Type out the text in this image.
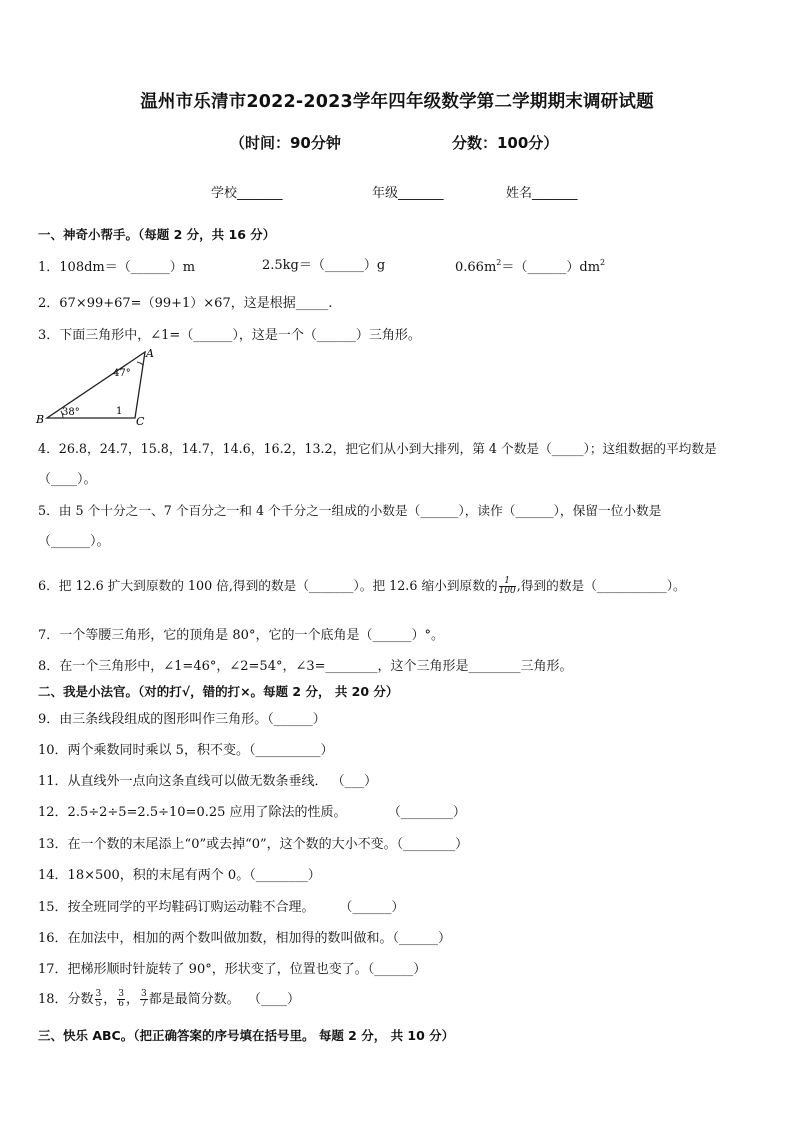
温州市乐清市2022-2023学年四年级数学第二学期期末调研试题
（时间：90分钟	分数：100分）
学校_______	年级_______	姓名_______
一、神奇小帮手。（每题 2 分，共 16 分）
1．108dm＝（______）m	2.5kg＝（______）g	$0.66m^2=(\_\_\_\_\_\_)dm^2$
2．67×99+67=（99+1）×67，这是根据_____.
3．下面三角形中，∠1=（______），这是一个（______）三角形。
A
B	C
47°
38°	1
4．26.8，24.7，15.8，14.7，14.6，16.2，13.2，把它们从小到大排列，第 4 个数是（_____）；这组数据的平均数是
（____）。
5．由 5 个十分之一、7 个百分之一和 4 个千分之一组成的小数是（______），读作（______），保留一位小数是
（______）。
6．把 12.6 扩大到原数的 100 倍,得到的数是（_______）。把 12.6 缩小到原数的 $\frac{1}{100}$ ,得到的数是（___________）。
7．一个等腰三角形，它的顶角是 80°，它的一个底角是（______）°。
8．在一个三角形中，∠1=46°，∠2=54°，∠3=________，这个三角形是________三角形。
二、我是小法官。（对的打√，错的打×。每题 2 分， 共 20 分）
9．由三条线段组成的图形叫作三角形。（______）
10．两个乘数同时乘以 5，积不变。（__________）
11．从直线外一点向这条直线可以做无数条垂线． （___）
12．2.5÷2÷5=2.5÷10=0.25 应用了除法的性质。          （________）
13．在一个数的末尾添上“0”或去掉“0”，这个数的大小不变。（________）
14．18×500，积的末尾有两个 0。（________）
15．按全班同学的平均鞋码订购运动鞋不合理。      （______）
16．在加法中，相加的两个数叫做加数，相加得的数叫做和。（______）
17．把梯形顺时针旋转了 90°，形状变了，位置也变了。（______）
18．分数 $\frac{3}{5}$ ， $\frac{3}{6}$ ， $\frac{3}{7}$ 都是最简分数。  （____）
三、快乐 ABC。（把正确答案的序号填在括号里。 每题 2 分， 共 10 分）
